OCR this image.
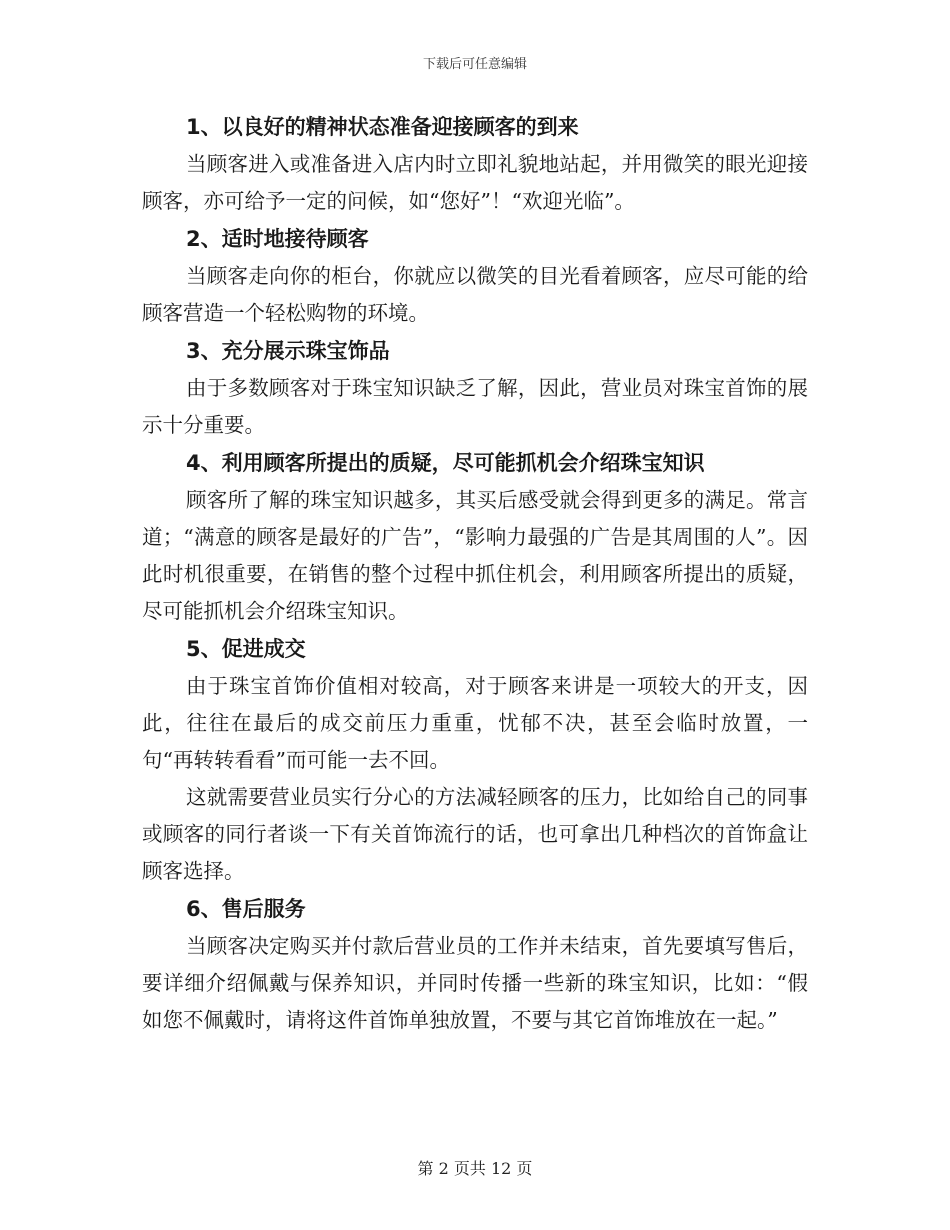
下载后可任意编辑

1、以良好的精神状态准备迎接顾客的到来

当顾客进入或准备进入店内时立即礼貌地站起，并用微笑的眼光迎接顾客，亦可给予一定的问候，如“您好”！“欢迎光临”。

2、适时地接待顾客

当顾客走向你的柜台，你就应以微笑的目光看着顾客，应尽可能的给顾客营造一个轻松购物的环境。

3、充分展示珠宝饰品

由于多数顾客对于珠宝知识缺乏了解，因此，营业员对珠宝首饰的展示十分重要。

4、利用顾客所提出的质疑，尽可能抓机会介绍珠宝知识

顾客所了解的珠宝知识越多，其买后感受就会得到更多的满足。常言道；“满意的顾客是最好的广告”，“影响力最强的广告是其周围的人”。因此时机很重要，在销售的整个过程中抓住机会，利用顾客所提出的质疑，尽可能抓机会介绍珠宝知识。

5、促进成交

由于珠宝首饰价值相对较高，对于顾客来讲是一项较大的开支，因此，往往在最后的成交前压力重重，忧郁不决，甚至会临时放置，一句“再转转看看”而可能一去不回。

这就需要营业员实行分心的方法减轻顾客的压力，比如给自己的同事或顾客的同行者谈一下有关首饰流行的话，也可拿出几种档次的首饰盒让顾客选择。

6、售后服务

当顾客决定购买并付款后营业员的工作并未结束，首先要填写售后，要详细介绍佩戴与保养知识，并同时传播一些新的珠宝知识，比如：“假如您不佩戴时，请将这件首饰单独放置，不要与其它首饰堆放在一起。”

第 2 页共 12 页
